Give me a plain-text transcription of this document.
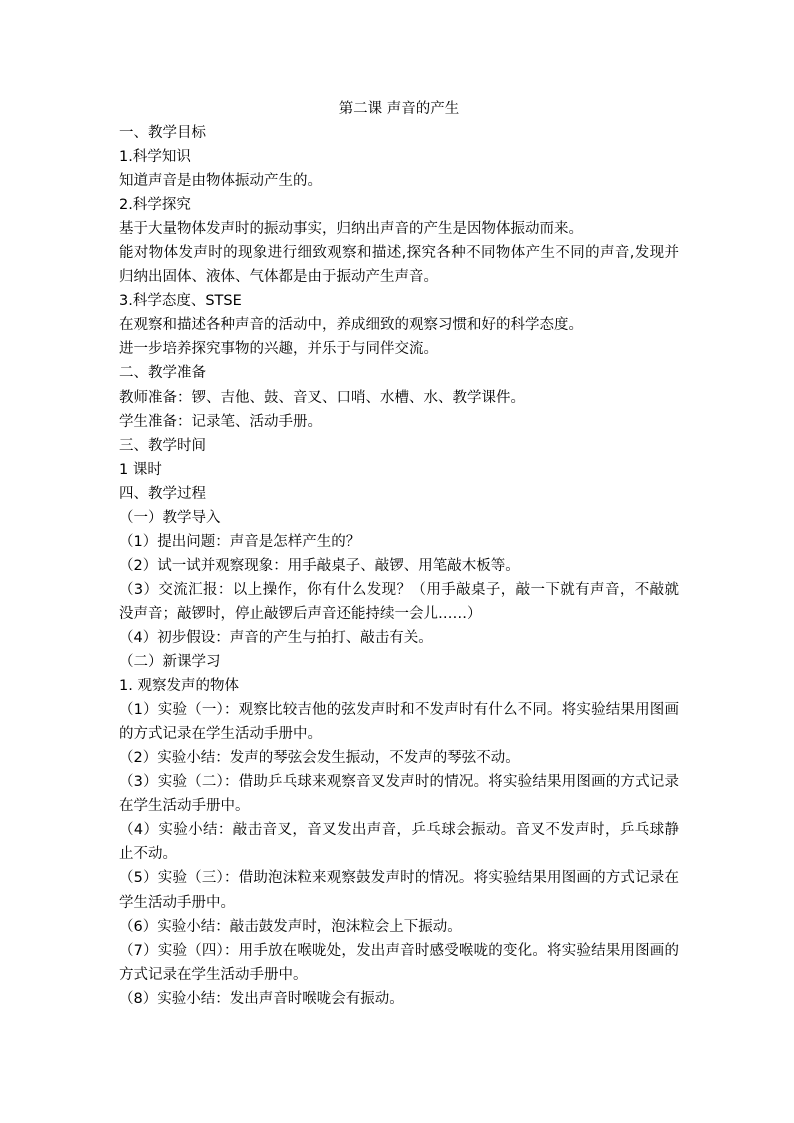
第二课 声音的产生

一、教学目标

1.科学知识

知道声音是由物体振动产生的。

2.科学探究

基于大量物体发声时的振动事实，归纳出声音的产生是因物体振动而来。

能对物体发声时的现象进行细致观察和描述,探究各种不同物体产生不同的声音,发现并归纳出固体、液体、气体都是由于振动产生声音。

3.科学态度、STSE

在观察和描述各种声音的活动中，养成细致的观察习惯和好的科学态度。

进一步培养探究事物的兴趣，并乐于与同伴交流。

二、教学准备

教师准备：锣、吉他、鼓、音叉、口哨、水槽、水、教学课件。

学生准备：记录笔、活动手册。

三、教学时间

1 课时

四、教学过程

（一）教学导入

（1）提出问题：声音是怎样产生的？

（2）试一试并观察现象：用手敲桌子、敲锣、用笔敲木板等。

（3）交流汇报：以上操作，你有什么发现？（用手敲桌子，敲一下就有声音，不敲就没声音；敲锣时，停止敲锣后声音还能持续一会儿……）

（4）初步假设：声音的产生与拍打、敲击有关。

（二）新课学习

1. 观察发声的物体

（1）实验（一）：观察比较吉他的弦发声时和不发声时有什么不同。将实验结果用图画的方式记录在学生活动手册中。

（2）实验小结：发声的琴弦会发生振动，不发声的琴弦不动。

（3）实验（二）：借助乒乓球来观察音叉发声时的情况。将实验结果用图画的方式记录在学生活动手册中。

（4）实验小结：敲击音叉，音叉发出声音，乒乓球会振动。音叉不发声时，乒乓球静止不动。

（5）实验（三）：借助泡沫粒来观察鼓发声时的情况。将实验结果用图画的方式记录在学生活动手册中。

（6）实验小结：敲击鼓发声时，泡沫粒会上下振动。

（7）实验（四）：用手放在喉咙处，发出声音时感受喉咙的变化。将实验结果用图画的方式记录在学生活动手册中。

（8）实验小结：发出声音时喉咙会有振动。
